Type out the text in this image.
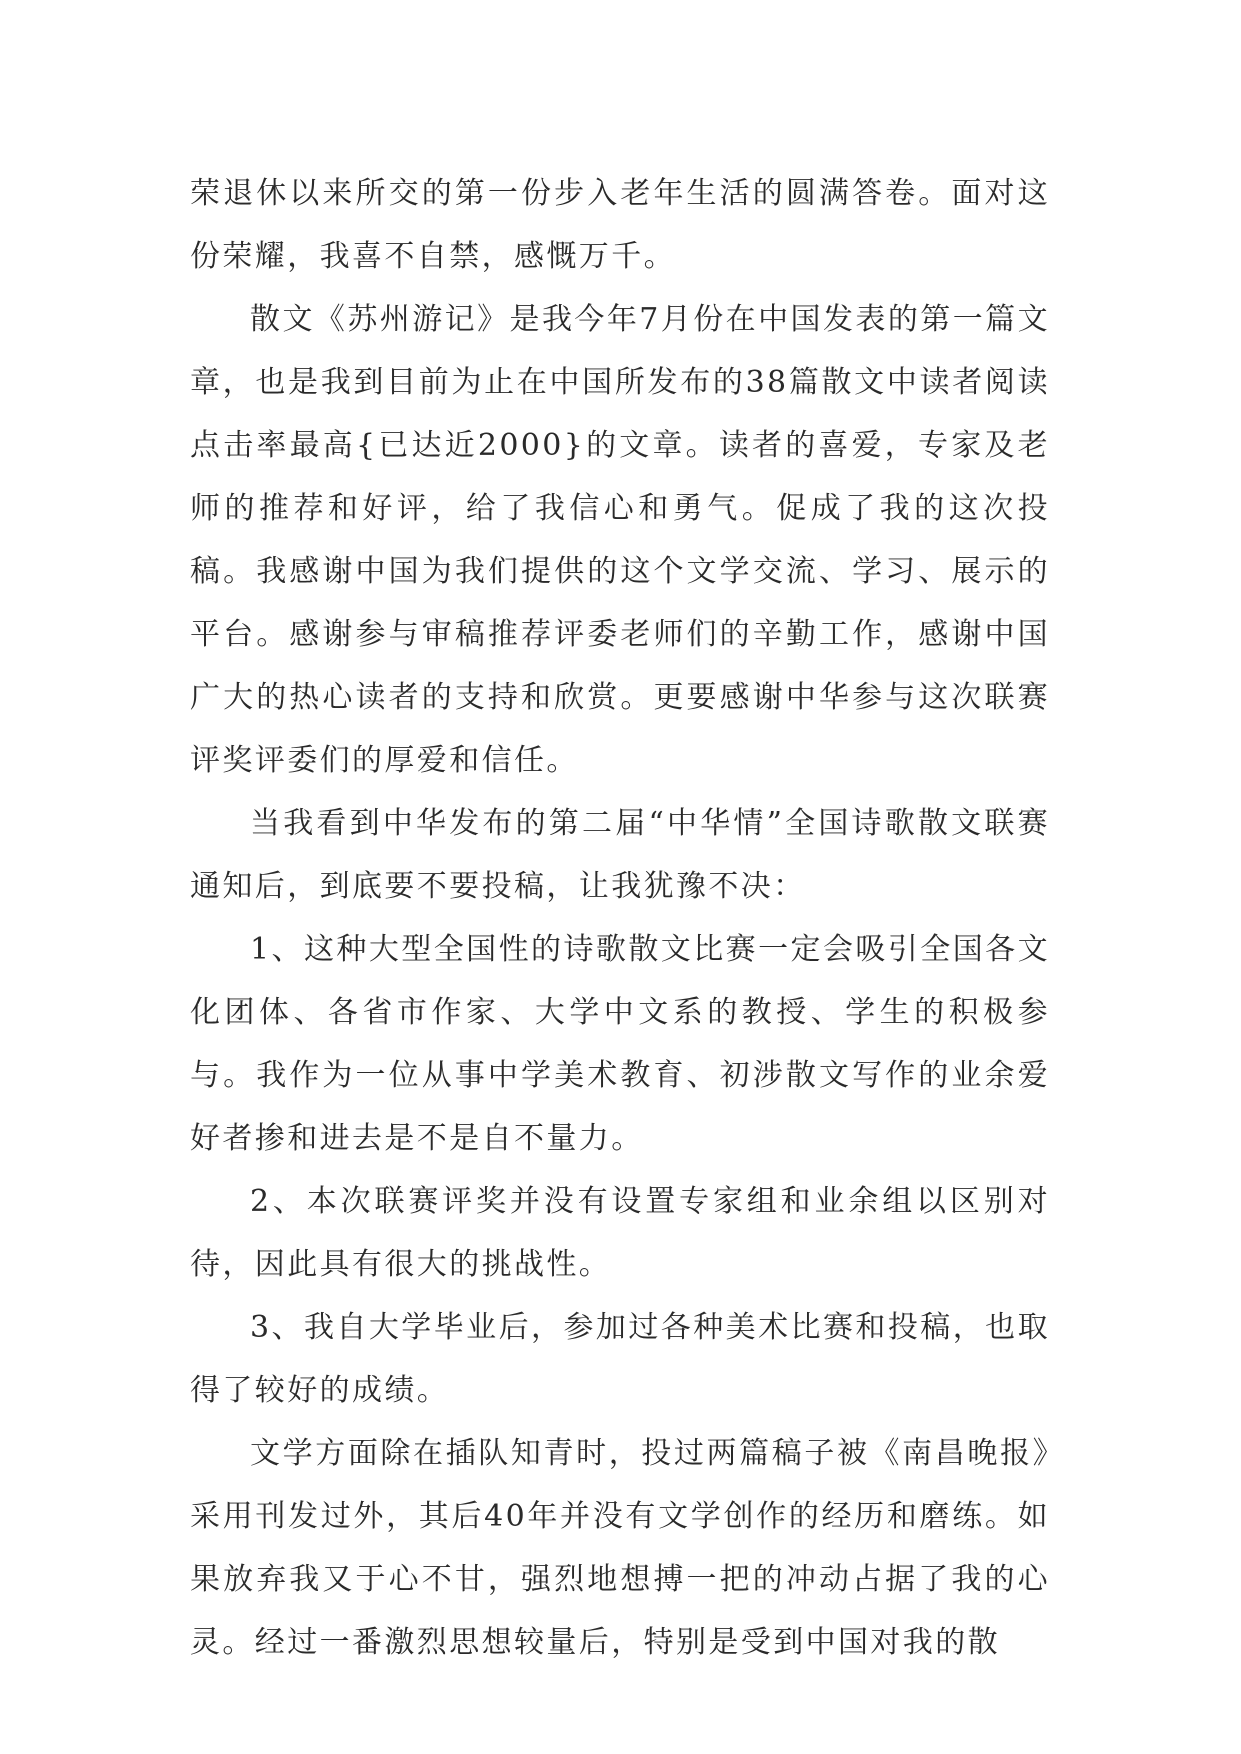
荣退休以来所交的第一份步入老年生活的圆满答卷。面对这份荣耀，我喜不自禁，感慨万千。

散文《苏州游记》是我今年7月份在中国发表的第一篇文章，也是我到目前为止在中国所发布的38篇散文中读者阅读点击率最高{已达近2000}的文章。读者的喜爱，专家及老师的推荐和好评，给了我信心和勇气。促成了我的这次投稿。我感谢中国为我们提供的这个文学交流、学习、展示的平台。感谢参与审稿推荐评委老师们的辛勤工作，感谢中国广大的热心读者的支持和欣赏。更要感谢中华参与这次联赛评奖评委们的厚爱和信任。

当我看到中华发布的第二届“中华情”全国诗歌散文联赛通知后，到底要不要投稿，让我犹豫不决：

1、这种大型全国性的诗歌散文比赛一定会吸引全国各文化团体、各省市作家、大学中文系的教授、学生的积极参与。我作为一位从事中学美术教育、初涉散文写作的业余爱好者掺和进去是不是自不量力。

2、本次联赛评奖并没有设置专家组和业余组以区别对待，因此具有很大的挑战性。

3、我自大学毕业后，参加过各种美术比赛和投稿，也取得了较好的成绩。

文学方面除在插队知青时，投过两篇稿子被《南昌晚报》采用刊发过外，其后40年并没有文学创作的经历和磨练。如果放弃我又于心不甘，强烈地想搏一把的冲动占据了我的心灵。经过一番激烈思想较量后，特别是受到中国对我的散
